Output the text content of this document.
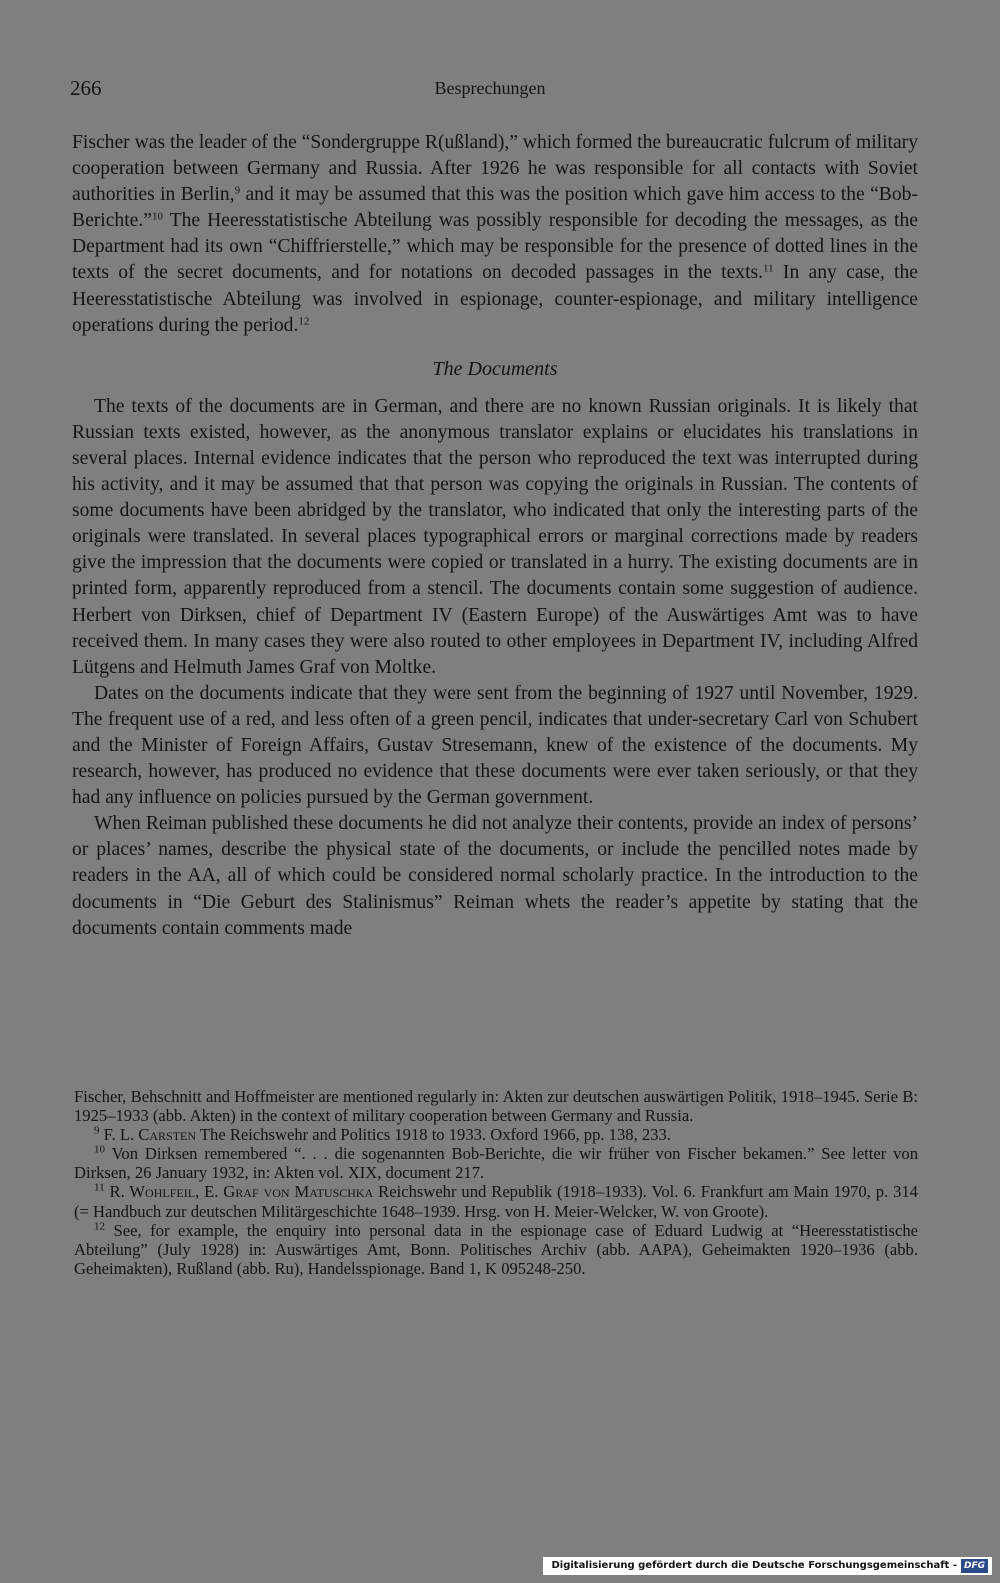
266	Besprechungen

Fischer was the leader of the “Sondergruppe R(ußland),” which formed the bureaucratic fulcrum of military cooperation between Germany and Russia. After 1926 he was responsible for all contacts with Soviet authorities in Berlin,$^9$ and it may be assumed that this was the position which gave him access to the “Bob-Berichte.”$^{10}$ The Heeresstatistische Abteilung was possibly responsible for decoding the messages, as the Department had its own “Chiffrierstelle,” which may be responsible for the presence of dotted lines in the texts of the secret documents, and for notations on decoded passages in the texts.$^{11}$ In any case, the Heeresstatistische Abteilung was involved in espionage, counter-espionage, and military intelligence operations during the period.$^{12}$

The Documents

The texts of the documents are in German, and there are no known Russian originals. It is likely that Russian texts existed, however, as the anonymous translator explains or elucidates his translations in several places. Internal evidence indicates that the person who reproduced the text was interrupted during his activity, and it may be assumed that that person was copying the originals in Russian. The contents of some documents have been abridged by the translator, who indicated that only the interesting parts of the originals were translated. In several places typographical errors or marginal corrections made by readers give the impression that the documents were copied or translated in a hurry. The existing documents are in printed form, apparently reproduced from a stencil. The documents contain some suggestion of audience. Herbert von Dirksen, chief of Department IV (Eastern Europe) of the Auswärtiges Amt was to have received them. In many cases they were also routed to other employees in Department IV, including Alfred Lütgens and Helmuth James Graf von Moltke.

Dates on the documents indicate that they were sent from the beginning of 1927 until November, 1929. The frequent use of a red, and less often of a green pencil, indicates that under-secretary Carl von Schubert and the Minister of Foreign Affairs, Gustav Stresemann, knew of the existence of the documents. My research, however, has produced no evidence that these documents were ever taken seriously, or that they had any influence on policies pursued by the German government.

When Reiman published these documents he did not analyze their contents, provide an index of persons’ or places’ names, describe the physical state of the documents, or include the pencilled notes made by readers in the AA, all of which could be considered normal scholarly practice. In the introduction to the documents in “Die Geburt des Stalinismus” Reiman whets the reader’s appetite by stating that the documents contain comments made

Fischer, Behschnitt and Hoffmeister are mentioned regularly in: Akten zur deutschen auswärtigen Politik, 1918–1945. Serie B: 1925–1933 (abb. Akten) in the context of military cooperation between Germany and Russia.

$^9$ F. L. Carsten The Reichswehr and Politics 1918 to 1933. Oxford 1966, pp. 138, 233.

$^{10}$ Von Dirksen remembered “. . . die sogenannten Bob-Berichte, die wir früher von Fischer bekamen.” See letter von Dirksen, 26 January 1932, in: Akten vol. XIX, document 217.

$^{11}$ R. Wohlfeil, E. Graf von Matuschka Reichswehr und Republik (1918–1933). Vol. 6. Frankfurt am Main 1970, p. 314 (= Handbuch zur deutschen Militärgeschichte 1648–1939. Hrsg. von H. Meier-Welcker, W. von Groote).

$^{12}$ See, for example, the enquiry into personal data in the espionage case of Eduard Ludwig at “Heeresstatistische Abteilung” (July 1928) in: Auswärtiges Amt, Bonn. Politisches Archiv (abb. AAPA), Geheimakten 1920–1936 (abb. Geheimakten), Rußland (abb. Ru), Handelsspionage. Band 1, K 095248-250.

Digitalisierung gefördert durch die Deutsche Forschungsgemeinschaft - DFG
